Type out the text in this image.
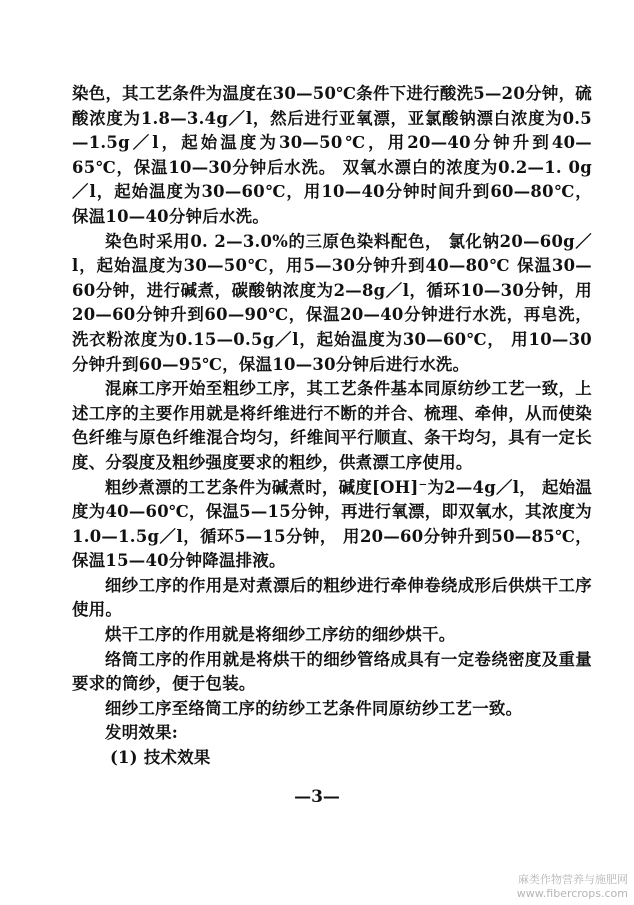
染色，其工艺条件为温度在30—50℃条件下进行酸洗5—20分钟，硫酸浓度为1.8—3.4g／l，然后进行亚氧漂，亚氯酸钠漂白浓度为0.5—1.5g／l，起始温度为30—50℃，用20—40分钟升到40—65℃，保温10—30分钟后水洗。 双氧水漂白的浓度为0.2—1. 0g／l，起始温度为30—60℃，用10—40分钟时间升到60—80℃，保温10—40分钟后水洗。

染色时采用0. 2—3.0%的三原色染料配色， 氯化钠20—60g／l，起始温度为30—50℃，用5—30分钟升到40—80℃ 保温30—60分钟，进行碱煮，碳酸钠浓度为2—8g／l，循环10—30分钟，用20—60分钟升到60—90℃，保温20—40分钟进行水洗，再皂洗，洗衣粉浓度为0.15—0.5g／l，起始温度为30—60℃， 用10—30分钟升到60—95℃，保温10—30分钟后进行水洗。

混麻工序开始至粗纱工序，其工艺条件基本同原纺纱工艺一致，上述工序的主要作用就是将纤维进行不断的并合、梳理、牵伸，从而使染色纤维与原色纤维混合均匀，纤维间平行顺直、条干均匀，具有一定长度、分裂度及粗纱强度要求的粗纱，供煮漂工序使用。

粗纱煮漂的工艺条件为碱煮时，碱度[OH]⁻为2—4g／l， 起始温度为40—60℃，保温5—15分钟，再进行氧漂，即双氧水，其浓度为1.0—1.5g／l，循环5—15分钟， 用20—60分钟升到50—85℃，保温15—40分钟降温排液。

细纱工序的作用是对煮漂后的粗纱进行牵伸卷绕成形后供烘干工序使用。

烘干工序的作用就是将细纱工序纺的细纱烘干。

络筒工序的作用就是将烘干的细纱管络成具有一定卷绕密度及重量要求的筒纱，便于包装。

细纱工序至络筒工序的纺纱工艺条件同原纺纱工艺一致。

发明效果:

(1) 技术效果

—3—
麻类作物营养与施肥网
www.fibercrops.com
